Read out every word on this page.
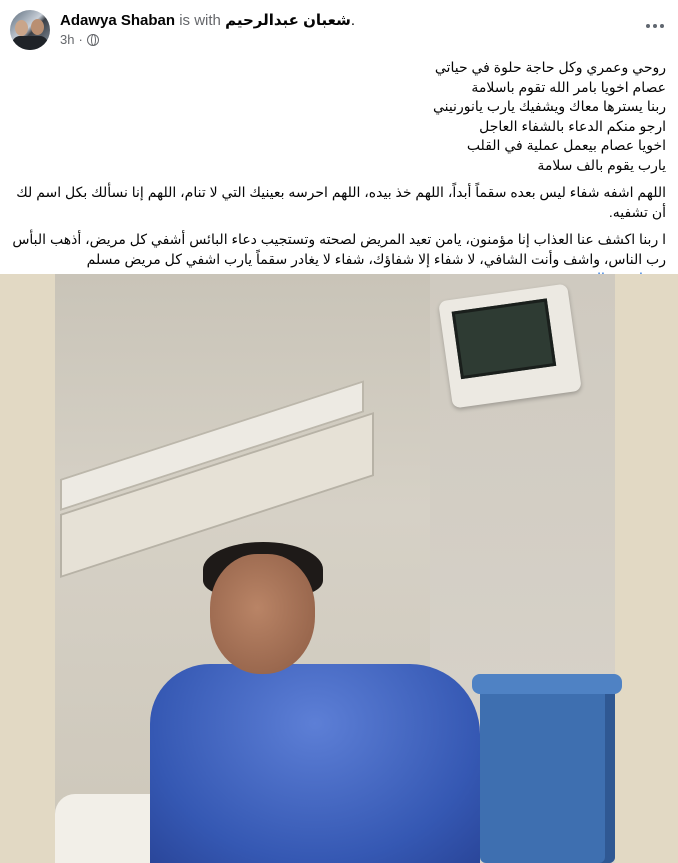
Adawya Shaban is with شعبان عبدالرحيم.
3h ·

روحي وعمري وكل حاجة حلوة في حياتي

عصام اخويا بامر الله تقوم باسلامة

ربنا يسترها معاك ويشفيك يارب يانورنيني

ارجو منكم الدعاء بالشفاء العاجل

اخويا عصام بيعمل عملية في القلب

يارب يقوم بالف سلامة

اللهم اشفه شفاء ليس بعده سقماً أبداً، اللهم خذ بيده، اللهم احرسه بعينيك التي لا تنام، اللهم إنا نسألك بكل اسم لك أن تشفيه.

ا ربنا اكشف عنا العذاب إنا مؤمنون، يامن تعيد المريض لصحته وتستجيب دعاء البائس أشفي كل مريض، أذهب البأس رب الناس، واشف وأنت الشافي، لا شفاء إلا شفاؤك، شفاء لا يغادر سقماً يارب اشفي كل مريض مسلم
